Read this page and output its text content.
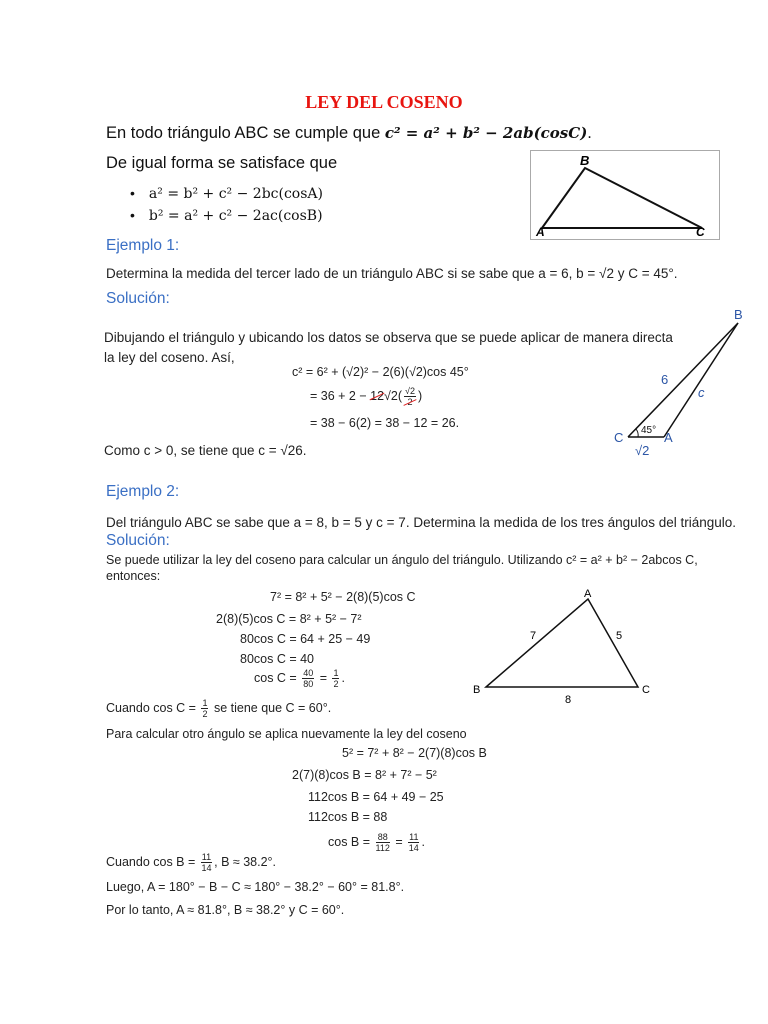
LEY DEL COSENO
En todo triángulo ABC se cumple que c² = a² + b² − 2ab(cosC).
De igual forma se satisface que
• a² = b² + c² − 2bc(cosA)
• b² = a² + c² − 2ac(cosB)
B
A	C
Ejemplo 1:
Determina la medida del tercer lado de un triángulo ABC si se sabe que a = 6, b = √2 y C = 45°.
Solución:
Dibujando el triángulo y ubicando los datos se observa que se puede aplicar de manera directa
la ley del coseno. Así,
c² = 6² + (√2)² − 2(6)(√2)cos 45°
= $36 + 2 - 12√2( \frac{√2}{2}$ )
= 38 − 6(2) = 38 − 12 = 26.
Como c > 0, se tiene que c = √26.
B
C	A
6
c
45°
√2
Ejemplo 2:
Del triángulo ABC se sabe que a = 8, b = 5 y c = 7. Determina la medida de los tres ángulos del triángulo.
Solución:
Se puede utilizar la ley del coseno para calcular un ángulo del triángulo. Utilizando c² = a² + b² − 2abcos C,
entonces:
7² = 8² + 5² − 2(8)(5)cos C
2(8)(5)cos C = 8² + 5² − 7²
80cos C = 64 + 25 − 49
80cos C = 40
$\cos C = \frac{40}{80} = \frac{1}{2}$ .
Cuando $\cos C = \frac{1}{2}$ se tiene que C = 60°.
Para calcular otro ángulo se aplica nuevamente la ley del coseno
5² = 7² + 8² − 2(7)(8)cos B
2(7)(8)cos B = 8² + 7² − 5²
112cos B = 64 + 49 − 25
112cos B = 88
$\cos B = \frac{88}{112} = \frac{11}{14}$ .
Cuando $\cos B = \frac{11}{14}$ , B ≈ 38.2°.
Luego, A = 180° − B − C ≈ 180° − 38.2° − 60° = 81.8°.
Por lo tanto, A ≈ 81.8°, B ≈ 38.2° y C = 60°.
A
B	C
7	5
8
